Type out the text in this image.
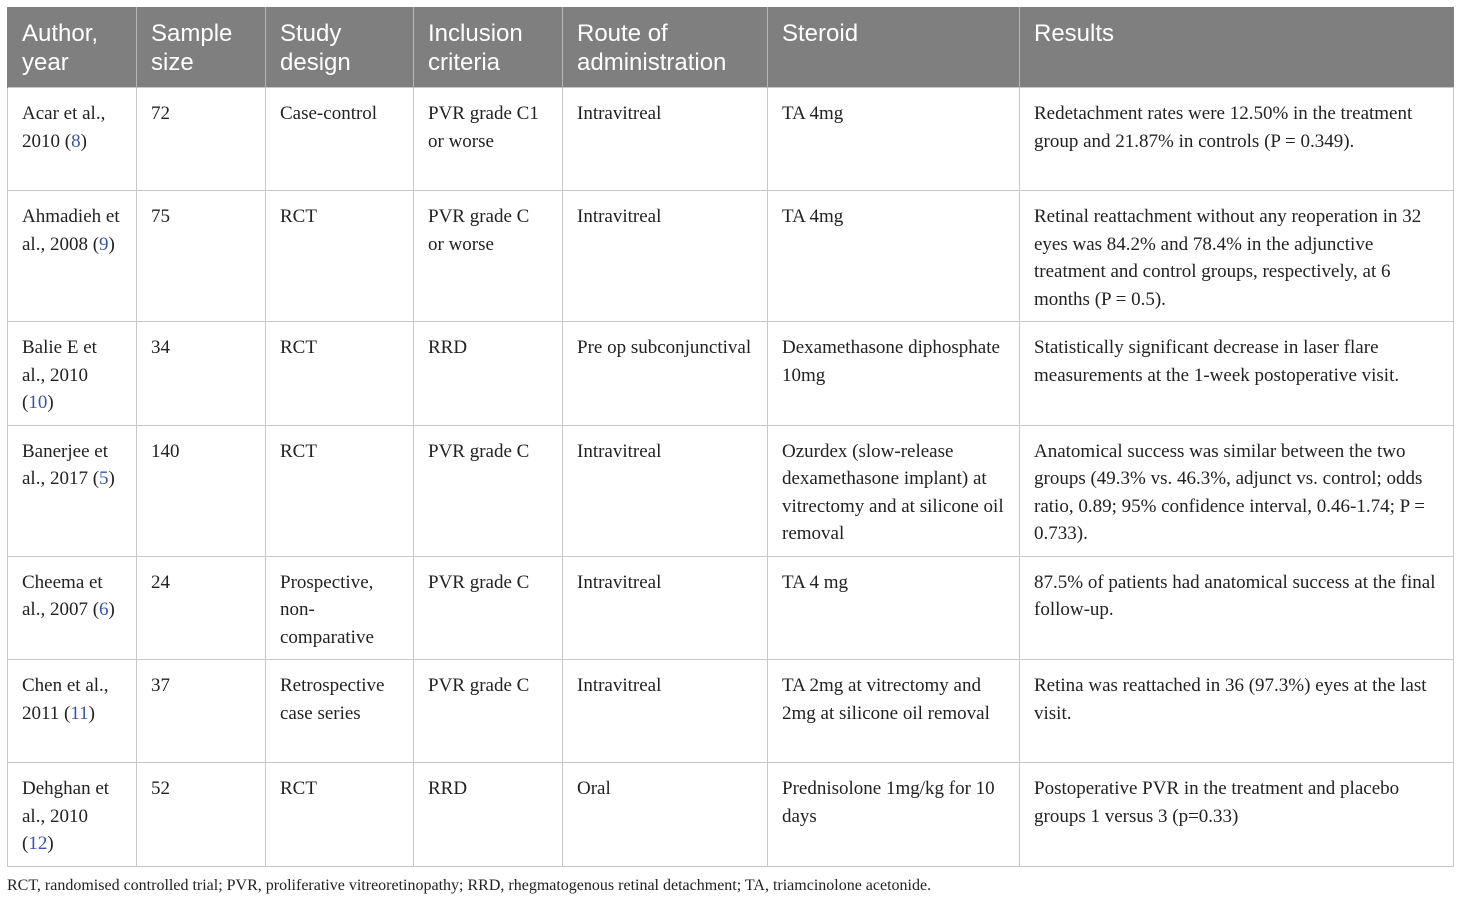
Author, year	Sample size	Study design	Inclusion criteria	Route of administration	Steroid	Results
Acar et al., 2010 (8)	72	Case-control	PVR grade C1 or worse	Intravitreal	TA 4mg	Redetachment rates were 12.50% in the treatment group and 21.87% in controls (P = 0.349).
Ahmadieh et al., 2008 (9)	75	RCT	PVR grade C or worse	Intravitreal	TA 4mg	Retinal reattachment without any reoperation in 32 eyes was 84.2% and 78.4% in the adjunctive treatment and control groups, respectively, at 6 months (P = 0.5).
Balie E et al., 2010 (10)	34	RCT	RRD	Pre op subconjunctival	Dexamethasone diphosphate 10mg	Statistically significant decrease in laser flare measurements at the 1-week postoperative visit.
Banerjee et al., 2017 (5)	140	RCT	PVR grade C	Intravitreal	Ozurdex (slow-release dexamethasone implant) at vitrectomy and at silicone oil removal	Anatomical success was similar between the two groups (49.3% vs. 46.3%, adjunct vs. control; odds ratio, 0.89; 95% confidence interval, 0.46-1.74; P = 0.733).
Cheema et al., 2007 (6)	24	Prospective, non-comparative	PVR grade C	Intravitreal	TA 4 mg	87.5% of patients had anatomical success at the final follow-up.
Chen et al., 2011 (11)	37	Retrospective case series	PVR grade C	Intravitreal	TA 2mg at vitrectomy and 2mg at silicone oil removal	Retina was reattached in 36 (97.3%) eyes at the last visit.
Dehghan et al., 2010 (12)	52	RCT	RRD	Oral	Prednisolone 1mg/kg for 10 days	Postoperative PVR in the treatment and placebo groups 1 versus 3 (p=0.33)
RCT, randomised controlled trial; PVR, proliferative vitreoretinopathy; RRD, rhegmatogenous retinal detachment; TA, triamcinolone acetonide.
